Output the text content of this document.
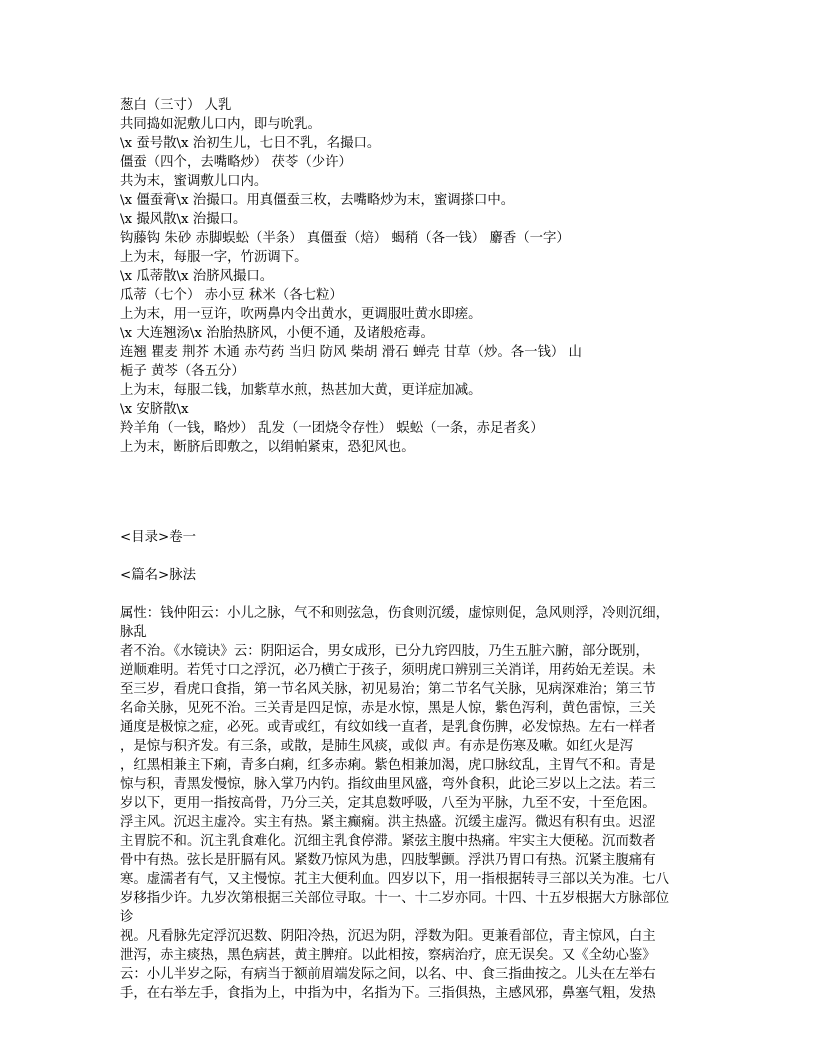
葱白（三寸） 人乳
共同捣如泥敷儿口内，即与吮乳。
\x 蚕号散\x 治初生儿，七日不乳，名撮口。
僵蚕（四个，去嘴略炒） 茯苓（少许）
共为末，蜜调敷儿口内。
\x 僵蚕膏\x 治撮口。用真僵蚕三枚，去嘴略炒为末，蜜调搽口中。
\x 撮风散\x 治撮口。
钩藤钩 朱砂 赤脚蜈蚣（半条） 真僵蚕（焙） 蝎稍（各一钱） 麝香（一字）
上为末，每服一字，竹沥调下。
\x 瓜蒂散\x 治脐风撮口。
瓜蒂（七个） 赤小豆 秫米（各七粒）
上为末，用一豆许，吹两鼻内令出黄水，更调服吐黄水即瘥。
\x 大连翘汤\x 治胎热脐风，小便不通，及诸般疮毒。
连翘 瞿麦 荆芥 木通 赤芍药 当归 防风 柴胡 滑石 蝉壳 甘草（炒。各一钱） 山
栀子 黄芩（各五分）
上为末，每服二钱，加紫草水煎，热甚加大黄，更详症加减。
\x 安脐散\x
羚羊角（一钱，略炒） 乱发（一团烧令存性） 蜈蚣（一条，赤足者炙）
上为末，断脐后即敷之，以绢帕紧束，恐犯风也。
<目录>卷一
<篇名>脉法
属性：钱仲阳云：小儿之脉，气不和则弦急，伤食则沉缓，虚惊则促，急风则浮，冷则沉细，
脉乱
者不治。《水镜诀》云：阴阳运合，男女成形，已分九窍四肢，乃生五脏六腑，部分既别，
逆顺难明。若凭寸口之浮沉，必乃横亡于孩子，须明虎口辨别三关消详，用药始无差误。未
至三岁，看虎口食指，第一节名风关脉，初见易治；第二节名气关脉，见病深难治；第三节
名命关脉，见死不治。三关青是四足惊，赤是水惊，黑是人惊，紫色泻利，黄色雷惊，三关
通度是极惊之症，必死。或青或红，有纹如线一直者，是乳食伤脾，必发惊热。左右一样者
，是惊与积齐发。有三条，或散，是肺生风痰，或似 声。有赤是伤寒及嗽。如红火是泻
，红黑相兼主下痢，青多白痢，红多赤痢。紫色相兼加渴，虎口脉纹乱，主胃气不和。青是
惊与积，青黑发慢惊，脉入掌乃内钓。指纹曲里风盛，弯外食积，此论三岁以上之法。若三
岁以下，更用一指按高骨，乃分三关，定其息数呼吸，八至为平脉，九至不安，十至危困。
浮主风。沉迟主虚冷。实主有热。紧主癫痫。洪主热盛。沉缓主虚泻。微迟有积有虫。迟涩
主胃脘不和。沉主乳食难化。沉细主乳食停滞。紧弦主腹中热痛。牢实主大便秘。沉而数者
骨中有热。弦长是肝膈有风。紧数乃惊风为患，四肢掣颤。浮洪乃胃口有热。沉紧主腹痛有
寒。虚濡者有气，又主慢惊。芤主大便利血。四岁以下，用一指根据转寻三部以关为准。七八
岁移指少许。九岁次第根据三关部位寻取。十一、十二岁亦同。十四、十五岁根据大方脉部位
诊
视。凡看脉先定浮沉迟数、阴阳冷热，沉迟为阴，浮数为阳。更兼看部位，青主惊风，白主
泄泻，赤主痰热，黑色病甚，黄主脾疳。以此相按，察病治疗，庶无误矣。又《全幼心鉴》
云：小儿半岁之际，有病当于额前眉端发际之间，以名、中、食三指曲按之。儿头在左举右
手，在右举左手，食指为上，中指为中，名指为下。三指俱热，主感风邪，鼻塞气粗，发热
